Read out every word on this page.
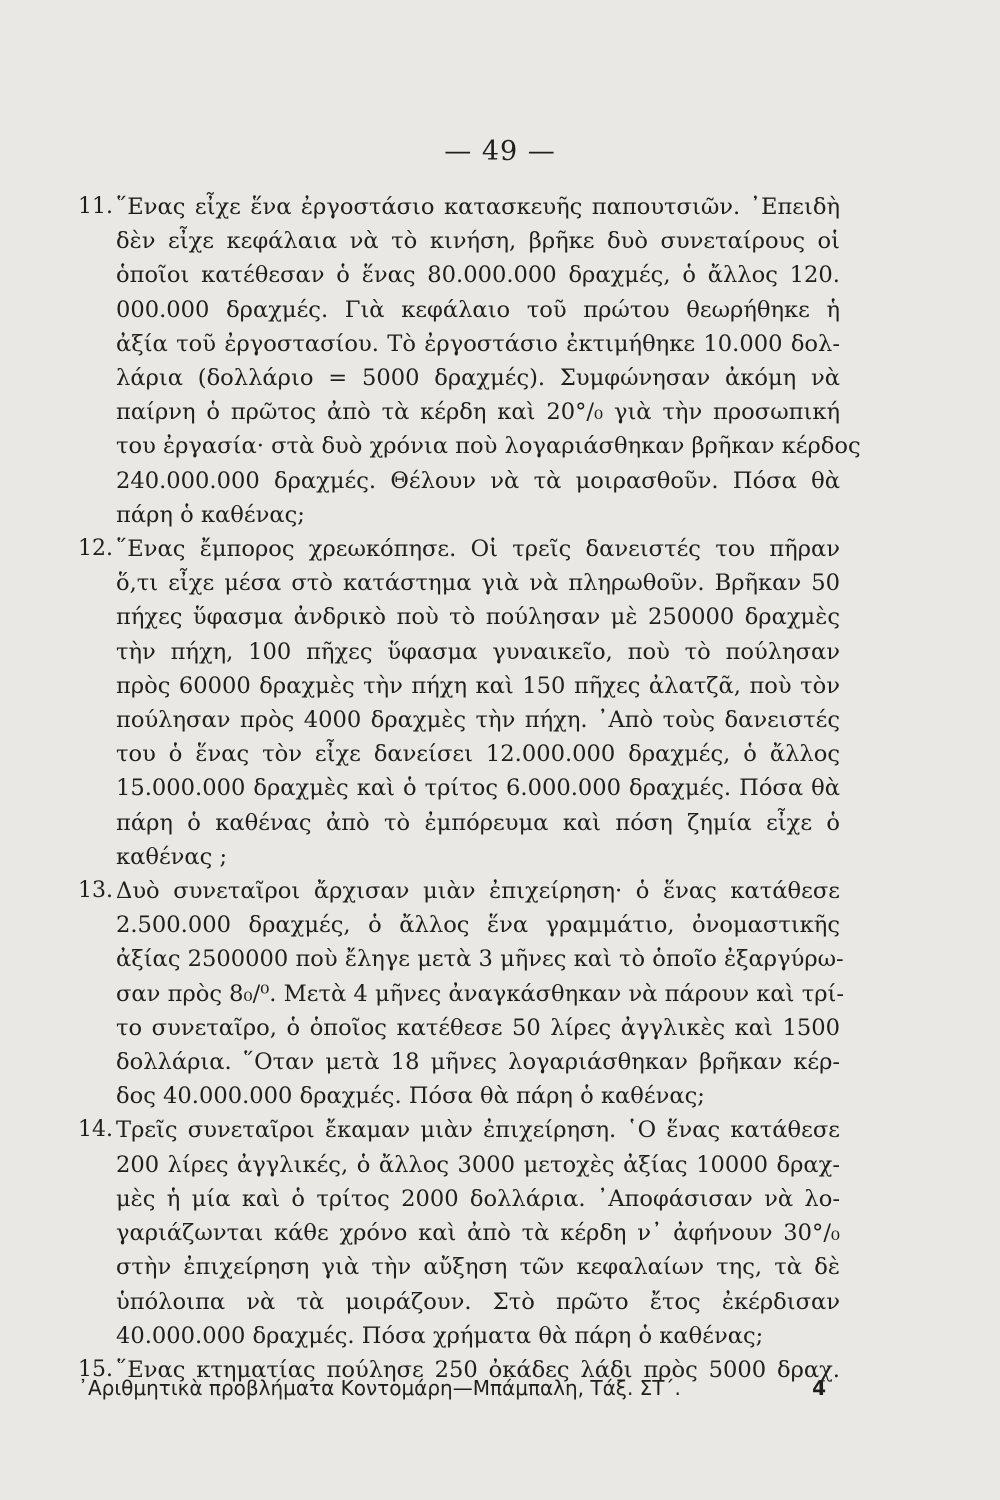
— 49 —
11. ῞Ενας εἶχε ἕνα ἐργοστάσιο κατασκευῆς παπουτσιῶν. ᾿Επειδὴ
δὲν εἶχε κεφάλαια νὰ τὸ κινήση, βρῆκε δυὸ συνεταίρους οἱ
ὁποῖοι κατέθεσαν ὁ ἕνας 80.000.000 δραχμές, ὁ ἄλλος 120.
000.000 δραχμές. Γιὰ κεφάλαιο τοῦ πρώτου θεωρήθηκε ἡ
ἀξία τοῦ ἐργοστασίου. Τὸ ἐργοστάσιο ἐκτιμήθηκε 10.000 δολ-
λάρια (δολλάριο = 5000 δραχμές). Συμφώνησαν ἀκόμη νὰ
παίρνη ὁ πρῶτος ἀπὸ τὰ κέρδη καὶ 20°/₀ γιὰ τὴν προσωπική
του ἐργασία· στὰ δυὸ χρόνια ποὺ λογαριάσθηκαν βρῆκαν κέρδος
240.000.000 δραχμές. Θέλουν νὰ τὰ μοιρασθοῦν. Πόσα θὰ
πάρη ὁ καθένας;
12. ῞Ενας ἔμπορος χρεωκόπησε. Οἱ τρεῖς δανειστές του πῆραν
ὅ,τι εἶχε μέσα στὸ κατάστημα γιὰ νὰ πληρωθοῦν. Βρῆκαν 50
πήχες ὕφασμα ἀνδρικὸ ποὺ τὸ πούλησαν μὲ 250000 δραχμὲς
τὴν πήχη, 100 πῆχες ὕφασμα γυναικεῖο, ποὺ τὸ πούλησαν
πρὸς 60000 δραχμὲς τὴν πήχη καὶ 150 πῆχες ἀλατζᾶ, ποὺ τὸν
πούλησαν πρὸς 4000 δραχμὲς τὴν πήχη. ᾿Απὸ τοὺς δανειστές
του ὁ ἕνας τὸν εἶχε δανείσει 12.000.000 δραχμές, ὁ ἄλλος
15.000.000 δραχμὲς καὶ ὁ τρίτος 6.000.000 δραχμές. Πόσα θὰ
πάρη ὁ καθένας ἀπὸ τὸ ἐμπόρευμα καὶ πόση ζημία εἶχε ὁ
καθένας ;
13. Δυὸ συνεταῖροι ἄρχισαν μιὰν ἐπιχείρηση· ὁ ἕνας κατάθεσε
2.500.000 δραχμές, ὁ ἄλλος ἕνα γραμμάτιο, ὀνομαστικῆς
ἀξίας 2500000 ποὺ ἔληγε μετὰ 3 μῆνες καὶ τὸ ὁποῖο ἐξαργύρω-
σαν πρὸς 8₀/⁰. Μετὰ 4 μῆνες ἀναγκάσθηκαν νὰ πάρουν καὶ τρί-
το συνεταῖρο, ὁ ὁποῖος κατέθεσε 50 λίρες ἀγγλικὲς καὶ 1500
δολλάρια. ῞Οταν μετὰ 18 μῆνες λογαριάσθηκαν βρῆκαν κέρ-
δος 40.000.000 δραχμές. Πόσα θὰ πάρη ὁ καθένας;
14. Τρεῖς συνεταῖροι ἔκαμαν μιὰν ἐπιχείρηση. ῾Ο ἕνας κατάθεσε
200 λίρες ἀγγλικές, ὁ ἄλλος 3000 μετοχὲς ἀξίας 10000 δραχ-
μὲς ἡ μία καὶ ὁ τρίτος 2000 δολλάρια. ᾿Αποφάσισαν νὰ λο-
γαριάζωνται κάθε χρόνο καὶ ἀπὸ τὰ κέρδη ν᾿ ἀφήνουν 30°/₀
στὴν ἐπιχείρηση γιὰ τὴν αὔξηση τῶν κεφαλαίων της, τὰ δὲ
ὑπόλοιπα νὰ τὰ μοιράζουν. Στὸ πρῶτο ἔτος ἐκέρδισαν
40.000.000 δραχμές. Πόσα χρήματα θὰ πάρη ὁ καθένας;
15. ῞Ενας κτηματίας πούλησε 250 ὀκάδες λάδι πρὸς 5000 δραχ.
᾿Αριθμητικὰ προβλήματα Κοντομάρη—Μπάμπαλη, Τάξ. ΣΤ΄.	4
